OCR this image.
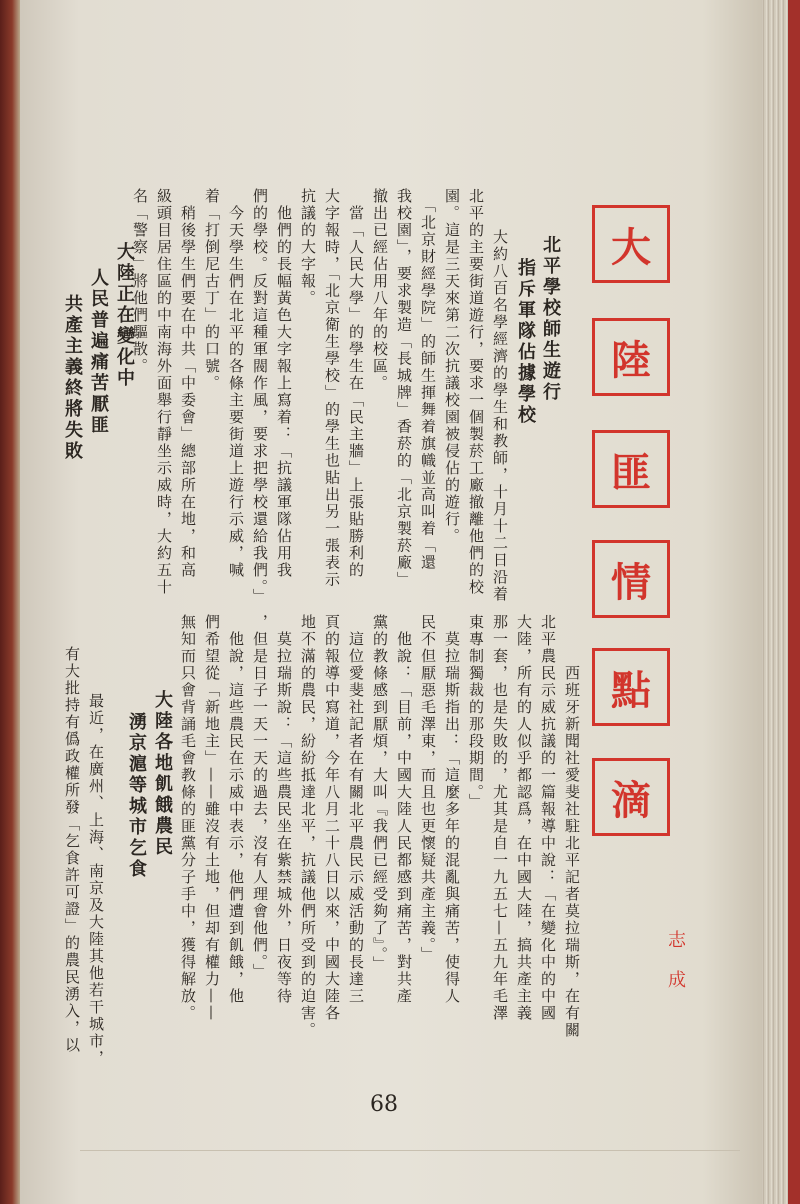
大
陸
匪
情
點
滴
志成
北平學校師生遊行
指斥軍隊佔據學校
　大約八百名學經濟的學生和教師，十月十二日沿着
北平的主要街道遊行，要求一個製菸工廠撤離他們的校
園。這是三天來第二次抗議校園被侵佔的遊行。
　「北京財經學院」的師生揮舞着旗幟並高叫着「還
我校園」，要求製造「長城牌」香菸的「北京製菸廠」
撤出已經佔用八年的校區。
　當「人民大學」的學生在「民主牆」上張貼勝利的
大字報時，「北京衛生學校」的學生也貼出另一張表示
抗議的大字報。
　他們的長幅黃色大字報上寫着：「抗議軍隊佔用我
們的學校。反對這種軍閥作風，要求把學校還給我們。」
　今天學生們在北平的各條主要街道上遊行示威，喊
着「打倒尼古丁」的口號。
　稍後學生們要在中共「中委會」總部所在地，和高
級頭目居住區的中南海外面舉行靜坐示威時，大約五十
名「警察」將他們驅散。
大陸正在變化中
人民普遍痛苦厭匪
共產主義終將失敗
　西班牙新聞社愛斐社駐北平記者莫拉瑞斯，在有關
北平農民示威抗議的一篇報導中說：「在變化中的中國
大陸，所有的人似乎都認爲，在中國大陸，搞共產主義
那一套，也是失敗的，尤其是自一九五七—五九年毛澤
東專制獨裁的那段期間。」
　莫拉瑞斯指出：「這麼多年的混亂與痛苦，使得人
民不但厭惡毛澤東，而且也更懷疑共產主義。」
　他說：「目前，中國大陸人民都感到痛苦，對共產
黨的教條感到厭煩，大叫『我們已經受夠了』。」
　這位愛斐社記者在有關北平農民示威活動的長達三
頁的報導中寫道，今年八月二十八日以來，中國大陸各
地不滿的農民，紛紛抵達北平，抗議他們所受到的迫害。
　莫拉瑞斯說：「這些農民坐在紫禁城外，日夜等待
，但是日子一天一天的過去，沒有人理會他們。」
　他說，這些農民在示威中表示，他們遭到飢餓，他
們希望從「新地主」——雖沒有土地，但却有權力——
無知而只會背誦毛會教條的匪黨分子手中，獲得解放。
大陸各地飢餓農民
湧京滬等城市乞食
　最近，在廣州、上海、南京及大陸其他若干城市，
有大批持有僞政權所發「乞食許可證」的農民湧入，以
68
